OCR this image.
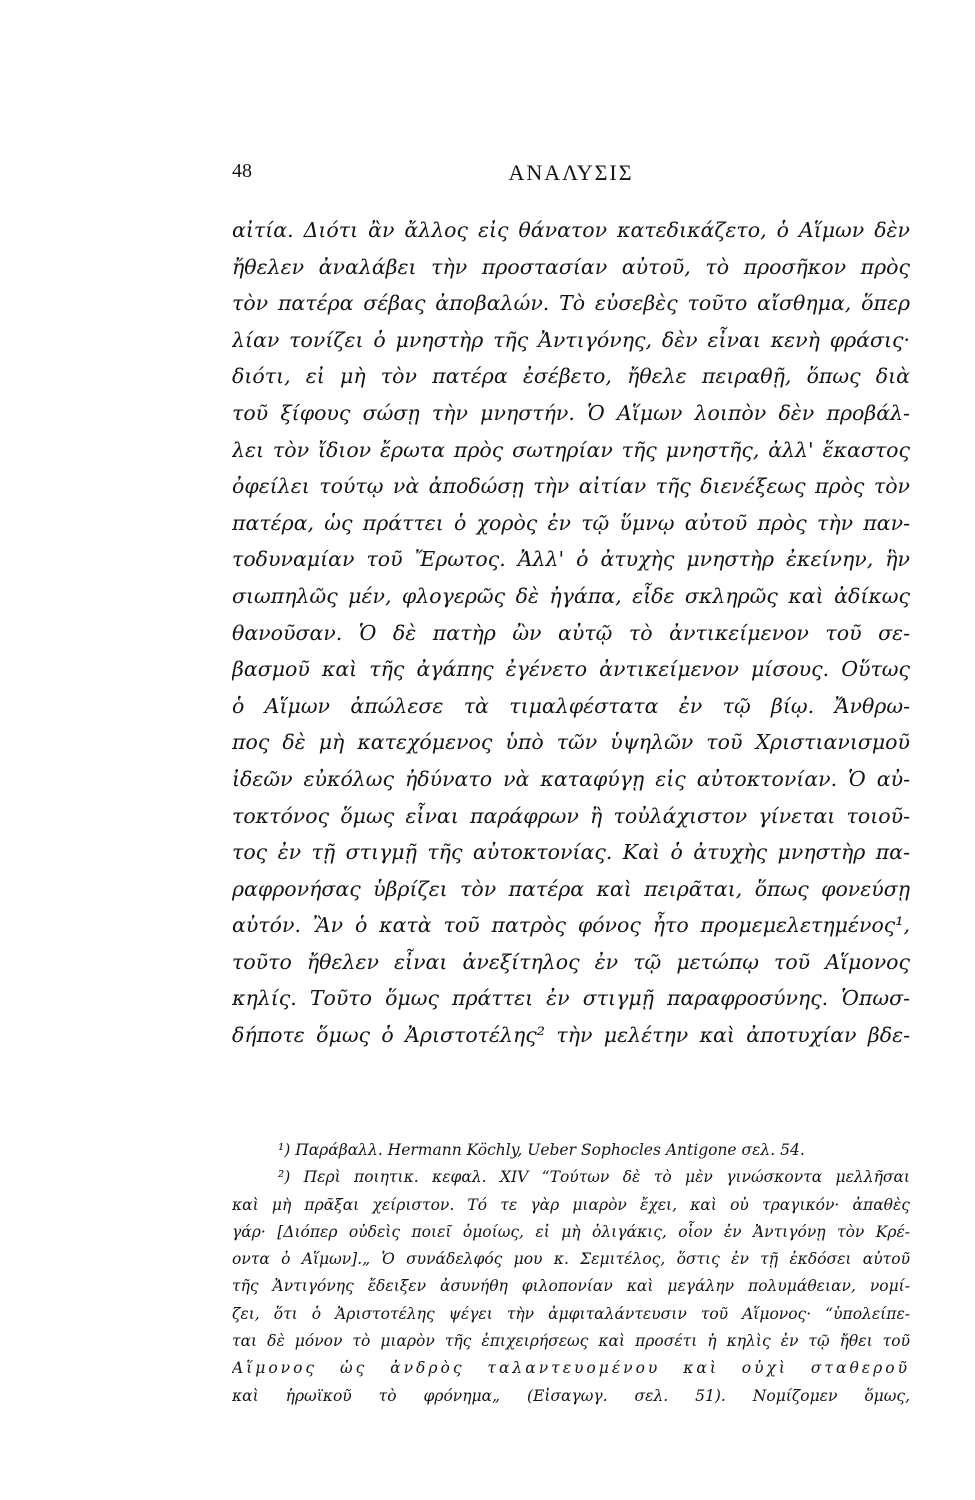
48	ΑΝΑΛΥΣΙΣ
αἰτία. Διότι ἂν ἄλλος εἰς θάνατον κατεδικάζετο, ὁ Αἵμων δὲν
ἤθελεν ἀναλάβει τὴν προστασίαν αὐτοῦ, τὸ προσῆκον πρὸς
τὸν πατέρα σέβας ἀποβαλών. Τὸ εὐσεβὲς τοῦτο αἴσθημα, ὅπερ
λίαν τονίζει ὁ μνηστὴρ τῆς Ἀντιγόνης, δὲν εἶναι κενὴ φράσις·
διότι, εἰ μὴ τὸν πατέρα ἐσέβετο, ἤθελε πειραθῇ, ὅπως διὰ
τοῦ ξίφους σώσῃ τὴν μνηστήν. Ὁ Αἵμων λοιπὸν δὲν προβάλ-
λει τὸν ἴδιον ἔρωτα πρὸς σωτηρίαν τῆς μνηστῆς, ἀλλ' ἕκαστος
ὀφείλει τούτῳ νὰ ἀποδώσῃ τὴν αἰτίαν τῆς διενέξεως πρὸς τὸν
πατέρα, ὡς πράττει ὁ χορὸς ἐν τῷ ὕμνῳ αὐτοῦ πρὸς τὴν παν-
τοδυναμίαν τοῦ Ἔρωτος. Ἀλλ' ὁ ἀτυχὴς μνηστὴρ ἐκείνην, ἣν
σιωπηλῶς μέν, φλογερῶς δὲ ἠγάπα, εἶδε σκληρῶς καὶ ἀδίκως
θανοῦσαν. Ὁ δὲ πατὴρ ὢν αὐτῷ τὸ ἀντικείμενον τοῦ σε-
βασμοῦ καὶ τῆς ἀγάπης ἐγένετο ἀντικείμενον μίσους. Οὕτως
ὁ Αἵμων ἀπώλεσε τὰ τιμαλφέστατα ἐν τῷ βίῳ. Ἄνθρω-
πος δὲ μὴ κατεχόμενος ὑπὸ τῶν ὑψηλῶν τοῦ Χριστιανισμοῦ
ἰδεῶν εὐκόλως ἠδύνατο νὰ καταφύγῃ εἰς αὐτοκτονίαν. Ὁ αὐ-
τοκτόνος ὅμως εἶναι παράφρων ἢ τοὐλάχιστον γίνεται τοιοῦ-
τος ἐν τῇ στιγμῇ τῆς αὐτοκτονίας. Καὶ ὁ ἀτυχὴς μνηστὴρ πα-
ραφρονήσας ὑβρίζει τὸν πατέρα καὶ πειρᾶται, ὅπως φονεύσῃ
αὐτόν. Ἂν ὁ κατὰ τοῦ πατρὸς φόνος ἦτο προμεμελετημένος¹,
τοῦτο ἤθελεν εἶναι ἀνεξίτηλος ἐν τῷ μετώπῳ τοῦ Αἵμονος
κηλίς. Τοῦτο ὅμως πράττει ἐν στιγμῇ παραφροσύνης. Ὁπωσ-
δήποτε ὅμως ὁ Ἀριστοτέλης² τὴν μελέτην καὶ ἀποτυχίαν βδε-
¹) Παράβαλλ. Hermann Köchly, Ueber Sophocles Antigone σελ. 54.
²) Περὶ ποιητικ. κεφαλ. XIV “Τούτων δὲ τὸ μὲν γινώσκοντα μελλῆσαι
καὶ μὴ πρᾶξαι χείριστον. Τό τε γὰρ μιαρὸν ἔχει, καὶ οὐ τραγικόν· ἀπαθὲς
γάρ· [Διόπερ οὐδεὶς ποιεῖ ὁμοίως, εἰ μὴ ὀλιγάκις, οἷον ἐν Ἀντιγόνῃ τὸν Κρέ-
οντα ὁ Αἵμων].„ Ὁ συνάδελφός μου κ. Σεμιτέλος, ὅστις ἐν τῇ ἐκδόσει αὐτοῦ
τῆς Ἀντιγόνης ἔδειξεν ἀσυνήθη φιλοπονίαν καὶ μεγάλην πολυμάθειαν, νομί-
ζει, ὅτι ὁ Ἀριστοτέλης ψέγει τὴν ἀμφιταλάντευσιν τοῦ Αἵμονος· “ὑπολείπε-
ται δὲ μόνον τὸ μιαρὸν τῆς ἐπιχειρήσεως καὶ προσέτι ἡ κηλὶς ἐν τῷ ἤθει τοῦ
Αἵμονος ὡς ἀνδρὸς ταλαντευομένου καὶ οὐχὶ σταθεροῦ
καὶ ἡρωϊκοῦ τὸ φρόνημα„ (Εἰσαγωγ. σελ. 51). Νομίζομεν ὅμως,
